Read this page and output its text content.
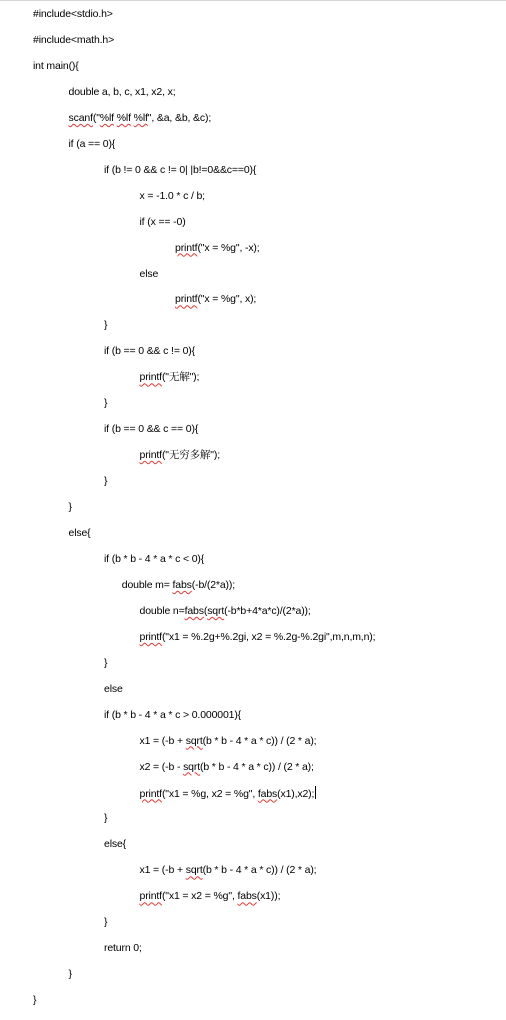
#include<stdio.h>
#include<math.h>
int main(){
double a, b, c, x1, x2, x;
scanf("%lf %lf %lf", &a, &b, &c);
if (a == 0){
if (b != 0 && c != 0| |b!=0&&c==0){
x = -1.0 * c / b;
if (x == -0)
printf("x = %g", -x);
else
printf("x = %g", x);
}
if (b == 0 && c != 0){
printf("无解");
}
if (b == 0 && c == 0){
printf("无穷多解");
}
}
else{
if (b * b - 4 * a * c < 0){
double m= fabs(-b/(2*a));
double n=fabs(sqrt(-b*b+4*a*c)/(2*a));
printf("x1 = %.2g+%.2gi, x2 = %.2g-%.2gi",m,n,m,n);
}
else
if (b * b - 4 * a * c > 0.000001){
x1 = (-b + sqrt(b * b - 4 * a * c)) / (2 * a);
x2 = (-b - sqrt(b * b - 4 * a * c)) / (2 * a);
printf("x1 = %g, x2 = %g", fabs(x1),x2);
}
else{
x1 = (-b + sqrt(b * b - 4 * a * c)) / (2 * a);
printf("x1 = x2 = %g", fabs(x1));
}
return 0;
}
}
